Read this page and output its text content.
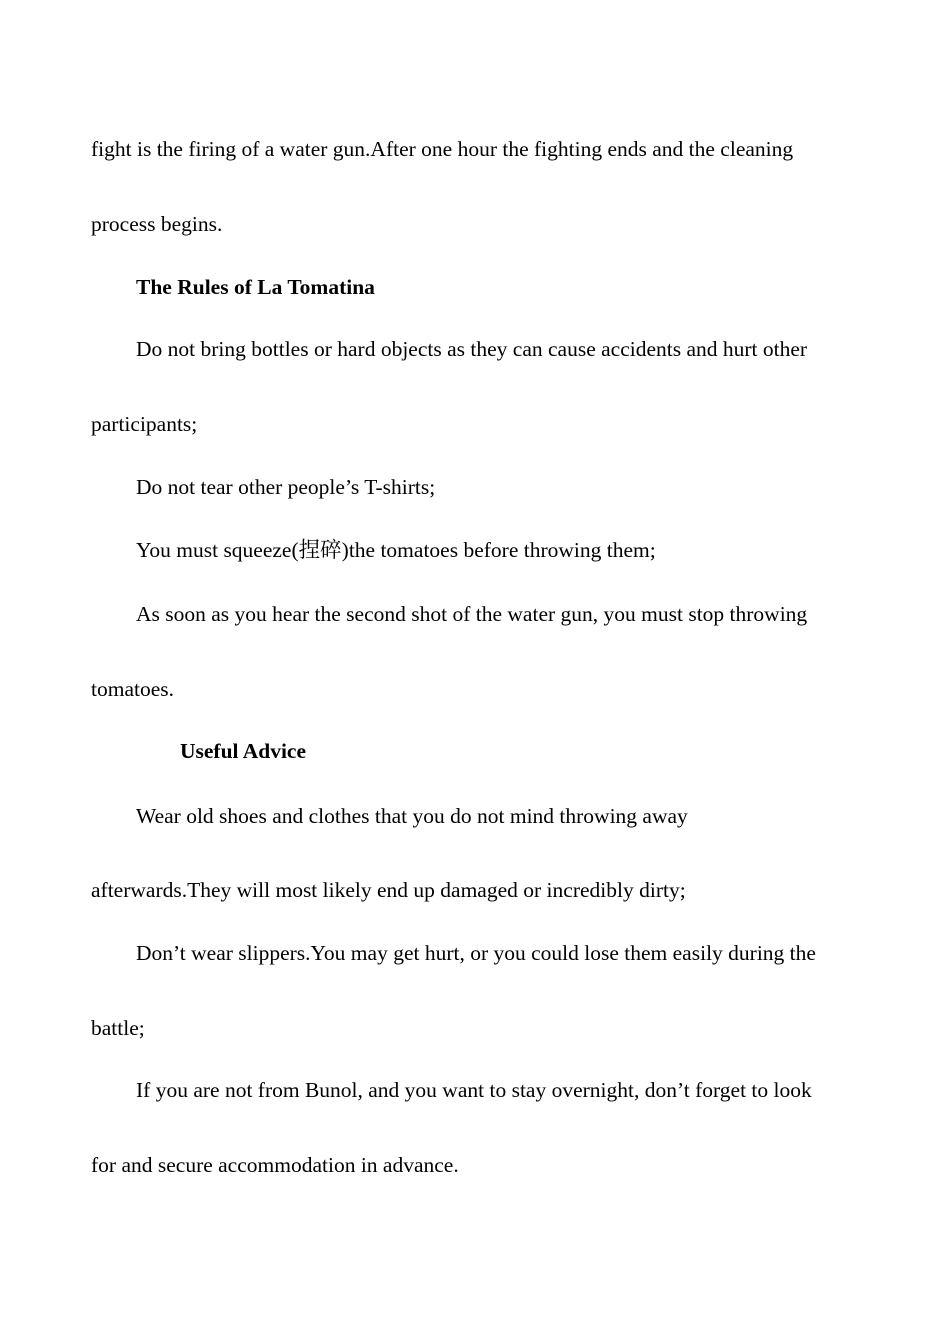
fight is the firing of a water gun.After one hour the fighting ends and the cleaning
process begins.
The Rules of La Tomatina
Do not bring bottles or hard objects as they can cause accidents and hurt other
participants;
Do not tear other people’s T-shirts;
You must squeeze(捏碎)the tomatoes before throwing them;
As soon as you hear the second shot of the water gun, you must stop throwing
tomatoes.
Useful Advice
Wear old shoes and clothes that you do not mind throwing away
afterwards.They will most likely end up damaged or incredibly dirty;
Don’t wear slippers.You may get hurt, or you could lose them easily during the
battle;
If you are not from Bunol, and you want to stay overnight, don’t forget to look
for and secure accommodation in advance.
